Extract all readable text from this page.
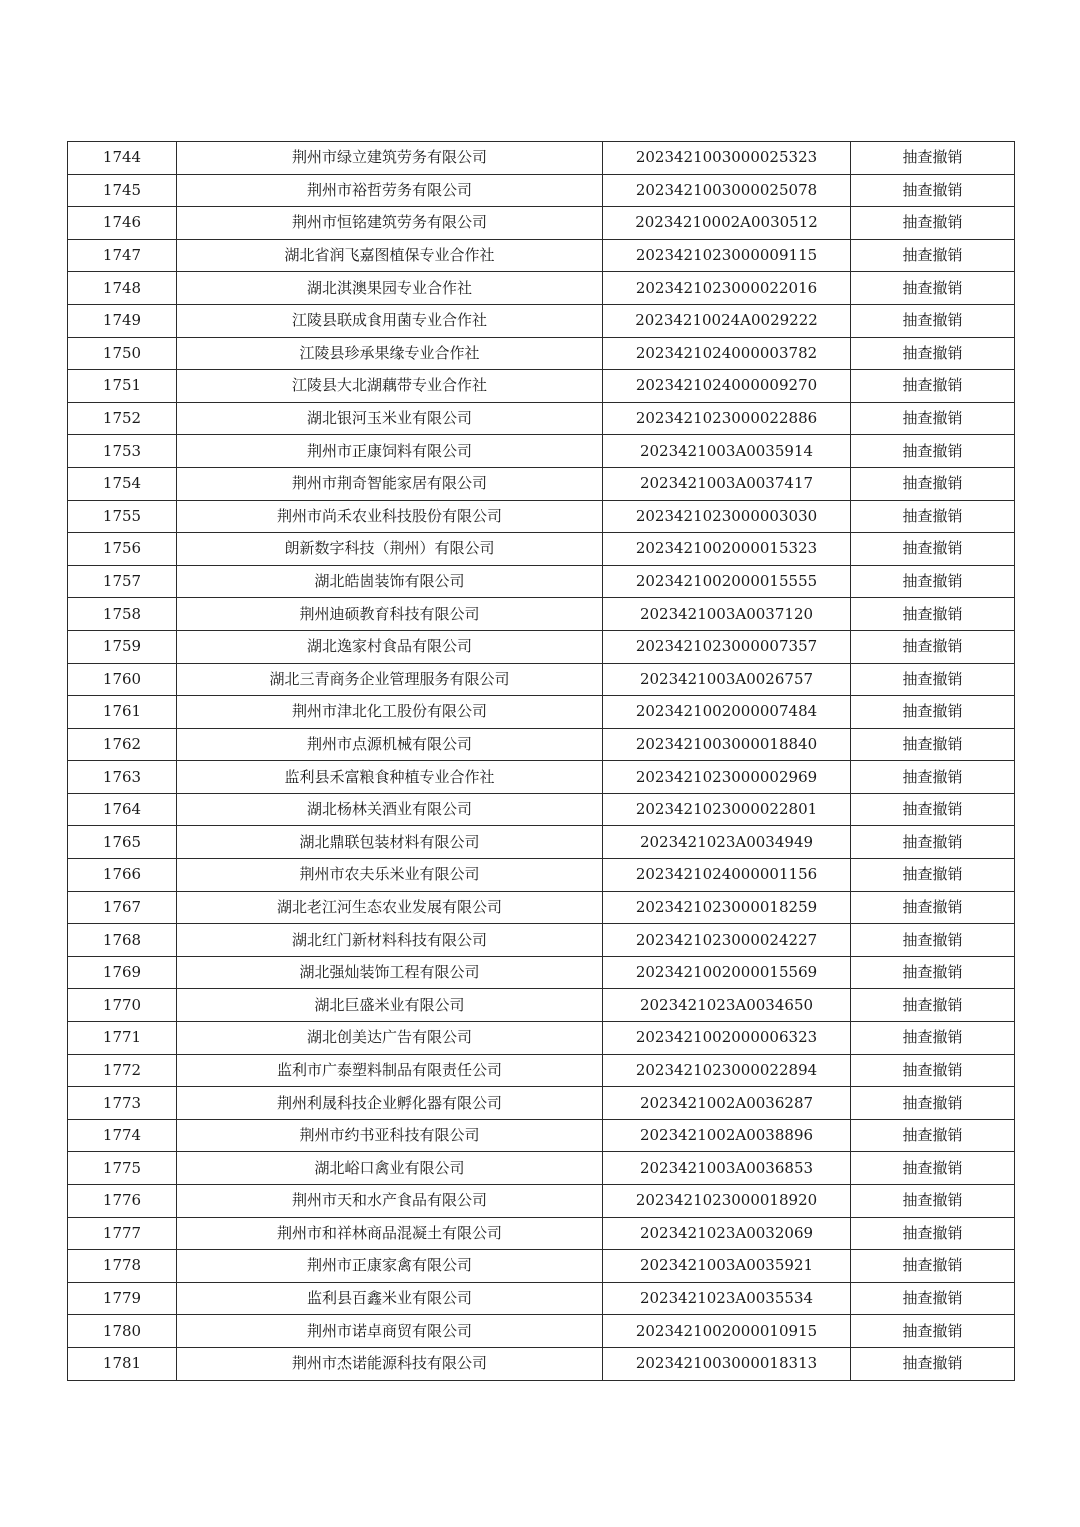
1744	荆州市绿立建筑劳务有限公司	2023421003000025323	抽查撤销
1745	荆州市裕哲劳务有限公司	2023421003000025078	抽查撤销
1746	荆州市恒铭建筑劳务有限公司	20234210002A0030512	抽查撤销
1747	湖北省润飞嘉图植保专业合作社	2023421023000009115	抽查撤销
1748	湖北淇澳果园专业合作社	2023421023000022016	抽查撤销
1749	江陵县联成食用菌专业合作社	20234210024A0029222	抽查撤销
1750	江陵县珍承果缘专业合作社	2023421024000003782	抽查撤销
1751	江陵县大北湖藕带专业合作社	2023421024000009270	抽查撤销
1752	湖北银河玉米业有限公司	2023421023000022886	抽查撤销
1753	荆州市正康饲料有限公司	2023421003A0035914	抽查撤销
1754	荆州市荆奇智能家居有限公司	2023421003A0037417	抽查撤销
1755	荆州市尚禾农业科技股份有限公司	2023421023000003030	抽查撤销
1756	朗新数字科技（荆州）有限公司	2023421002000015323	抽查撤销
1757	湖北皓崮装饰有限公司	2023421002000015555	抽查撤销
1758	荆州迪硕教育科技有限公司	2023421003A0037120	抽查撤销
1759	湖北逸家村食品有限公司	2023421023000007357	抽查撤销
1760	湖北三青商务企业管理服务有限公司	2023421003A0026757	抽查撤销
1761	荆州市津北化工股份有限公司	2023421002000007484	抽查撤销
1762	荆州市点源机械有限公司	2023421003000018840	抽查撤销
1763	监利县禾富粮食种植专业合作社	2023421023000002969	抽查撤销
1764	湖北杨林关酒业有限公司	2023421023000022801	抽查撤销
1765	湖北鼎联包装材料有限公司	2023421023A0034949	抽查撤销
1766	荆州市农夫乐米业有限公司	2023421024000001156	抽查撤销
1767	湖北老江河生态农业发展有限公司	2023421023000018259	抽查撤销
1768	湖北红门新材料科技有限公司	2023421023000024227	抽查撤销
1769	湖北强灿装饰工程有限公司	2023421002000015569	抽查撤销
1770	湖北巨盛米业有限公司	2023421023A0034650	抽查撤销
1771	湖北创美达广告有限公司	2023421002000006323	抽查撤销
1772	监利市广泰塑料制品有限责任公司	2023421023000022894	抽查撤销
1773	荆州利晟科技企业孵化器有限公司	2023421002A0036287	抽查撤销
1774	荆州市约书亚科技有限公司	2023421002A0038896	抽查撤销
1775	湖北峪口禽业有限公司	2023421003A0036853	抽查撤销
1776	荆州市天和水产食品有限公司	2023421023000018920	抽查撤销
1777	荆州市和祥林商品混凝土有限公司	2023421023A0032069	抽查撤销
1778	荆州市正康家禽有限公司	2023421003A0035921	抽查撤销
1779	监利县百鑫米业有限公司	2023421023A0035534	抽查撤销
1780	荆州市诺卓商贸有限公司	2023421002000010915	抽查撤销
1781	荆州市杰诺能源科技有限公司	2023421003000018313	抽查撤销
